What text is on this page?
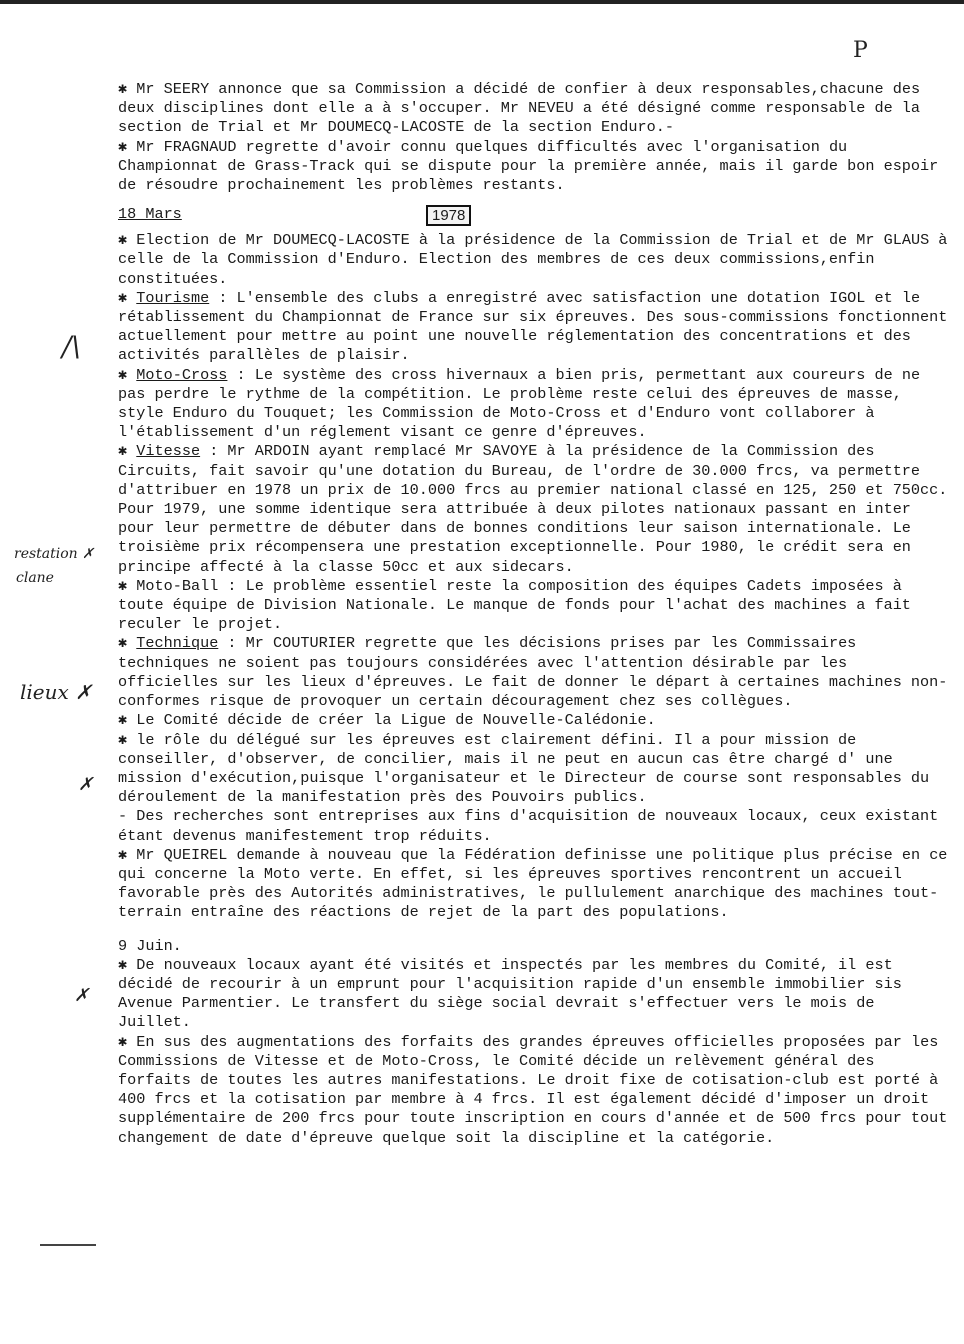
P
/\
restation ✗
clane
lieux ✗
✗
✗

✱ Mr SEERY annonce que sa Commission a décidé de confier à deux responsables,chacune des deux disciplines dont elle a à s'occuper. Mr NEVEU a été désigné comme responsable de la section de Trial et Mr DOUMECQ-LACOSTE de la section Enduro.-

✱ Mr FRAGNAUD regrette d'avoir connu quelques difficultés avec l'organisation du Championnat de Grass-Track qui se dispute pour la première année, mais il garde bon espoir de résoudre prochainement les problèmes restants.

18 Mars	1978

✱ Election de Mr DOUMECQ-LACOSTE à la présidence de la Commission de Trial et de Mr GLAUS à celle de la Commission d'Enduro. Election des membres de ces deux commissions,enfin constituées.

✱ Tourisme : L'ensemble des clubs a enregistré avec satisfaction une dotation IGOL et le rétablissement du Championnat de France sur six épreuves. Des sous-commissions fonctionnent actuellement pour mettre au point une nouvelle réglementation des concentrations et des activités parallèles de plaisir.

✱ Moto-Cross : Le système des cross hivernaux a bien pris, permettant aux coureurs de ne pas perdre le rythme de la compétition. Le problème reste celui des épreuves de masse, style Enduro du Touquet; les Commission de Moto-Cross et d'Enduro vont collaborer à l'établissement d'un réglement visant ce genre d'épreuves.

✱ Vitesse : Mr ARDOIN ayant remplacé Mr SAVOYE à la présidence de la Commission des Circuits, fait savoir qu'une dotation du Bureau, de l'ordre de 30.000 frcs, va permettre d'attribuer en 1978 un prix de 10.000 frcs au premier national classé en 125, 250 et 750cc. Pour 1979, une somme identique sera attribuée à deux pilotes nationaux passant en inter pour leur permettre de débuter dans de bonnes conditions leur saison internationale. Le troisième prix récompensera une prestation exceptionnelle. Pour 1980, le crédit sera en principe affecté à la classe 50cc et aux sidecars.

✱ Moto-Ball : Le problème essentiel reste la composition des équipes Cadets imposées à toute équipe de Division Nationale. Le manque de fonds pour l'achat des machines a fait reculer le projet.

✱ Technique : Mr COUTURIER regrette que les décisions prises par les Commissaires techniques ne soient pas toujours considérées avec l'attention désirable par les officielles sur les lieux d'épreuves. Le fait de donner le départ à certaines machines non-conformes risque de provoquer un certain découragement chez ses collègues.

✱ Le Comité décide de créer la Ligue de Nouvelle-Calédonie.

✱ le rôle du délégué sur les épreuves est clairement défini. Il a pour mission de conseiller, d'observer, de concilier, mais il ne peut en aucun cas être chargé d' une mission d'exécution,puisque l'organisateur et le Directeur de course sont responsables du déroulement de la manifestation près des Pouvoirs publics.

- Des recherches sont entreprises aux fins d'acquisition de nouveaux locaux, ceux existant étant devenus manifestement trop réduits.

✱ Mr QUEIREL demande à nouveau que la Fédération definisse une politique plus précise en ce qui concerne la Moto verte. En effet, si les épreuves sportives rencontrent un accueil favorable près des Autorités administratives, le pullulement anarchique des machines tout-terrain entraîne des réactions de rejet de la part des populations.

9 Juin.

✱ De nouveaux locaux ayant été visités et inspectés par les membres du Comité, il est décidé de recourir à un emprunt pour l'acquisition rapide d'un ensemble immobilier sis Avenue Parmentier. Le transfert du siège social devrait s'effectuer vers le mois de Juillet.

✱ En sus des augmentations des forfaits des grandes épreuves officielles proposées par les Commissions de Vitesse et de Moto-Cross, le Comité décide un relèvement général des forfaits de toutes les autres manifestations. Le droit fixe de cotisation-club est porté à 400 frcs et la cotisation par membre à 4 frcs. Il est également décidé d'imposer un droit supplémentaire de 200 frcs pour toute inscription en cours d'année et de 500 frcs pour tout changement de date d'épreuve quelque soit la discipline et la catégorie.
